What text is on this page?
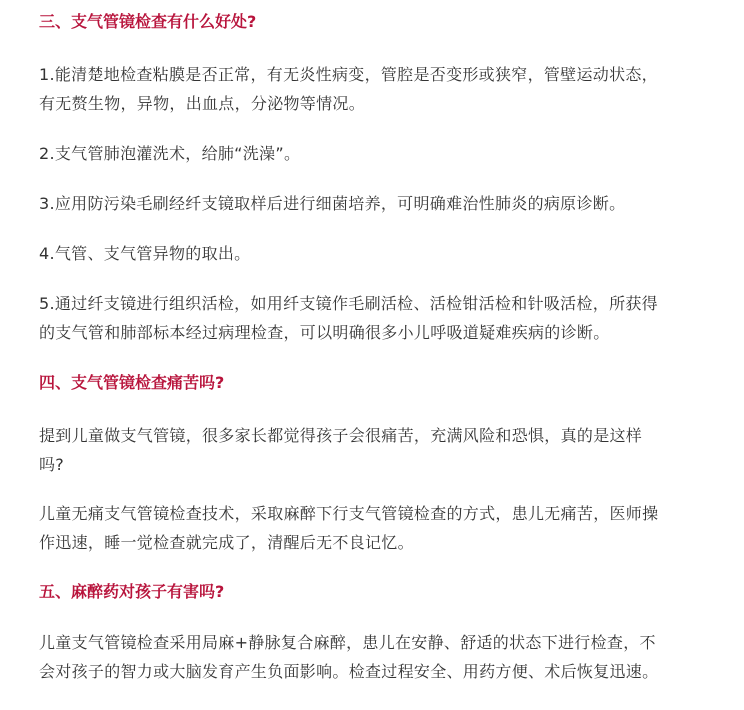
三、支气管镜检查有什么好处?

1.能清楚地检查粘膜是否正常，有无炎性病变，管腔是否变形或狭窄，管壁运动状态，
有无赘生物，异物，出血点，分泌物等情况。

2.支气管肺泡灌洗术，给肺“洗澡”。

3.应用防污染毛刷经纤支镜取样后进行细菌培养，可明确难治性肺炎的病原诊断。

4.气管、支气管异物的取出。

5.通过纤支镜进行组织活检，如用纤支镜作毛刷活检、活检钳活检和针吸活检，所获得
的支气管和肺部标本经过病理检查，可以明确很多小儿呼吸道疑难疾病的诊断。

四、支气管镜检查痛苦吗?

提到儿童做支气管镜，很多家长都觉得孩子会很痛苦，充满风险和恐惧，真的是这样
吗?

儿童无痛支气管镜检查技术，采取麻醉下行支气管镜检查的方式，患儿无痛苦，医师操
作迅速，睡一觉检查就完成了，清醒后无不良记忆。

五、麻醉药对孩子有害吗?

儿童支气管镜检查采用局麻+静脉复合麻醉，患儿在安静、舒适的状态下进行检查，不
会对孩子的智力或大脑发育产生负面影响。检查过程安全、用药方便、术后恢复迅速。
